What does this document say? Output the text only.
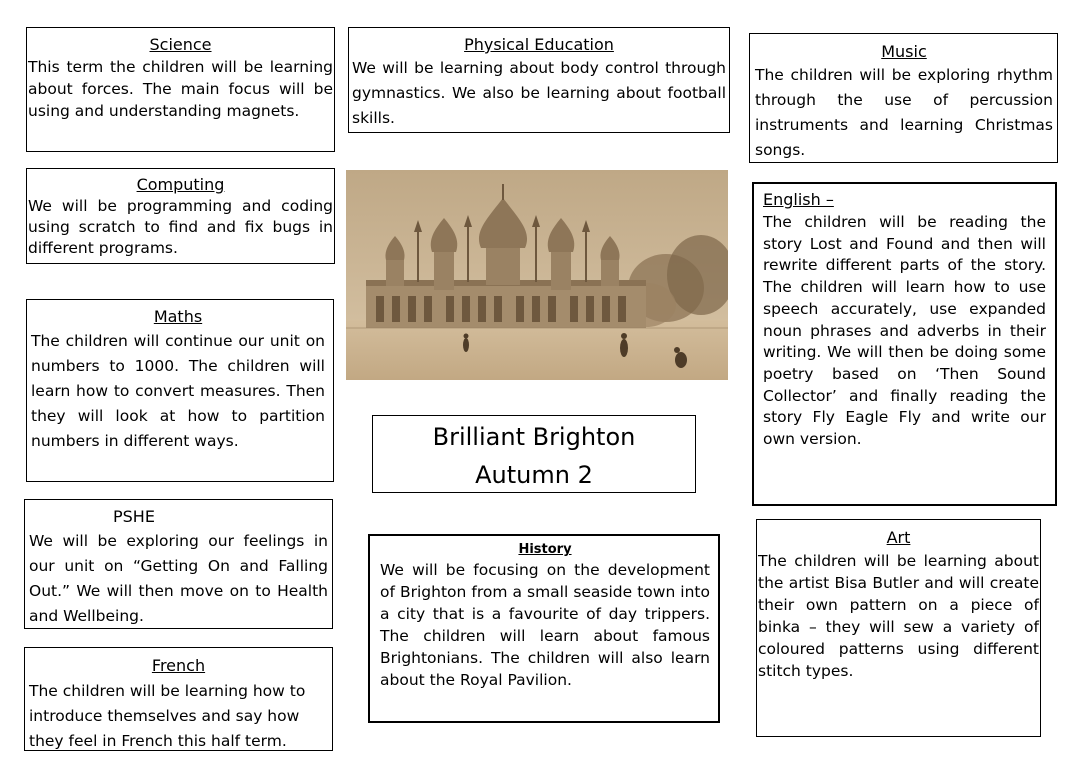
Science
This term the children will be learning about forces. The main focus will be using and understanding magnets.
Computing
We will be programming and coding using scratch to find and fix bugs in different programs.
Maths
The children will continue our unit on numbers to 1000. The children will learn how to convert measures. Then they will look at how to partition numbers in different ways.
PSHE
We will be exploring our feelings in our unit on “Getting On and Falling Out.” We will then move on to Health and Wellbeing.
French
The children will be learning how to introduce themselves and say how they feel in French this half term.
Physical Education
We will be learning about body control through gymnastics. We also be learning about football skills.
Brilliant Brighton
Autumn 2
History
We will be focusing on the development of Brighton from a small seaside town into a city that is a favourite of day trippers. The children will learn about famous Brightonians. The children will also learn about the Royal Pavilion.
Music
The children will be exploring rhythm through the use of percussion instruments and learning Christmas songs.
English –
The children will be reading the story Lost and Found and then will rewrite different parts of the story. The children will learn how to use speech accurately, use expanded noun phrases and adverbs in their writing. We will then be doing some poetry based on ‘Then Sound Collector’ and finally reading the story Fly Eagle Fly and write our own version.
Art
The children will be learning about the artist Bisa Butler and will create their own pattern on a piece of binka – they will sew a variety of coloured patterns using different stitch types.
